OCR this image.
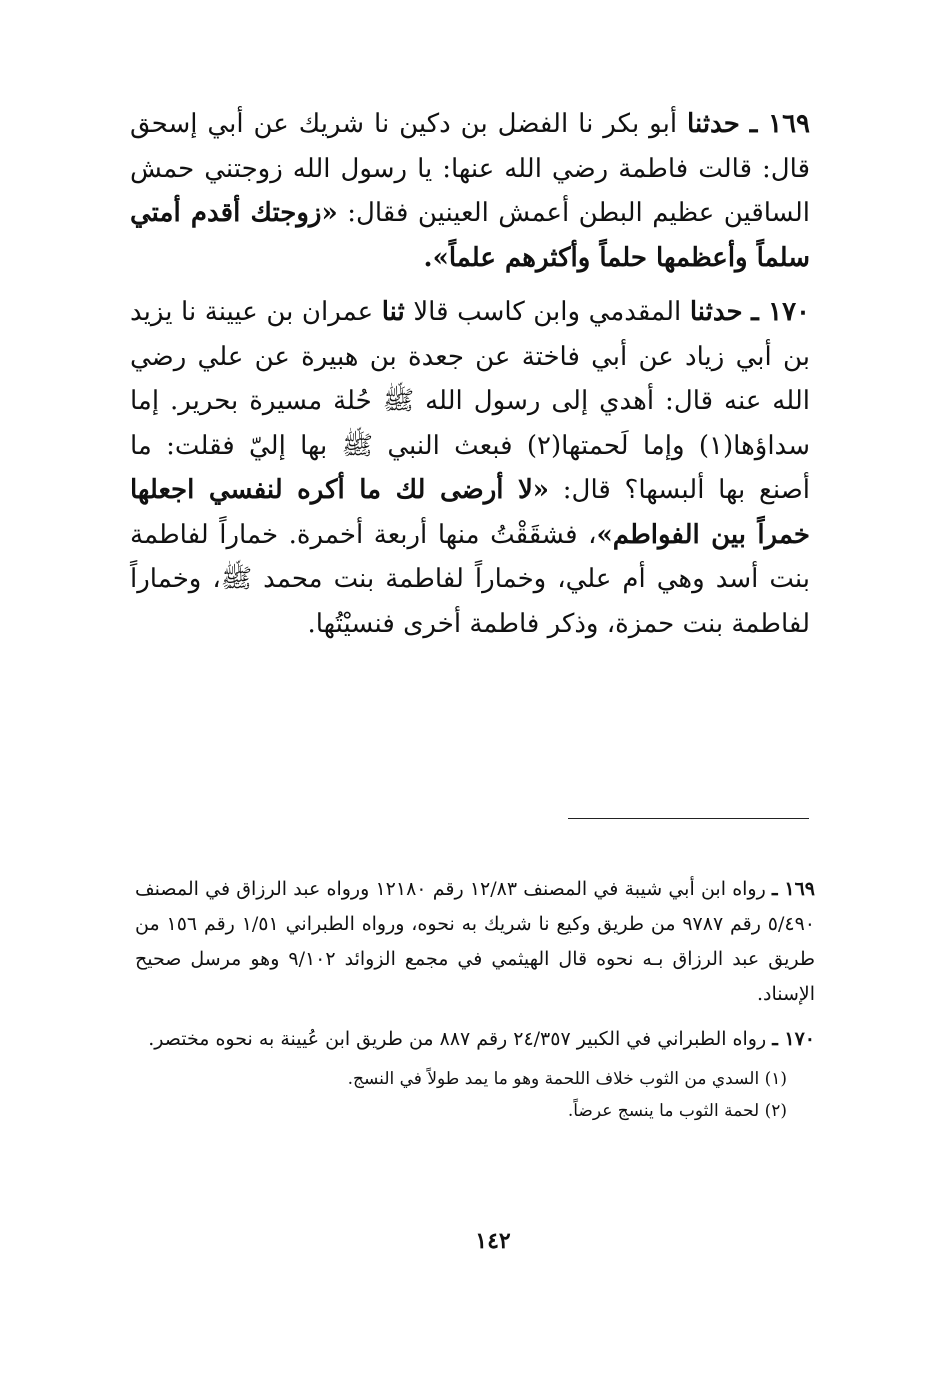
١٦٩ ـ حدثنا أبو بكر نا الفضل بن دكين نا شريك عن أبي إسحق قال: قالت فاطمة رضي الله عنها: يا رسول الله زوجتني حمش الساقين عظيم البطن أعمش العينين فقال: «زوجتك أقدم أمتي سلماً وأعظمها حلماً وأكثرهم علماً».

١٧٠ ـ حدثنا المقدمي وابن كاسب قالا ثنا عمران بن عيينة نا يزيد بن أبي زياد عن أبي فاختة عن جعدة بن هبيرة عن علي رضي الله عنه قال: أهدي إلى رسول الله ﷺ حُلة مسيرة بحرير. إما سداؤها(١) وإما لَحمتها(٢) فبعث النبي ﷺ بها إليّ فقلت: ما أصنع بها ألبسها؟ قال: «لا أرضى لك ما أكره لنفسي اجعلها خمراً بين الفواطم»، فشقَقْتُ منها أربعة أخمرة. خماراً لفاطمة بنت أسد وهي أم علي، وخماراً لفاطمة بنت محمد ﷺ، وخماراً لفاطمة بنت حمزة، وذكر فاطمة أخرى فنسيْتُها.

١٦٩ ـ رواه ابن أبي شيبة في المصنف ١٢/٨٣ رقم ١٢١٨٠ ورواه عبد الرزاق في المصنف ٥/٤٩٠ رقم ٩٧٨٧ من طريق وكيع نا شريك به نحوه، ورواه الطبراني ١/٥١ رقم ١٥٦ من طريق عبد الرزاق بـه نحوه قال الهيثمي في مجمع الزوائد ٩/١٠٢ وهو مرسل صحيح الإسناد.

١٧٠ ـ رواه الطبراني في الكبير ٢٤/٣٥٧ رقم ٨٨٧ من طريق ابن عُيينة به نحوه مختصر.

(١) السدي من الثوب خلاف اللحمة وهو ما يمد طولاً في النسج.

(٢) لحمة الثوب ما ينسج عرضاً.

١٤٢
